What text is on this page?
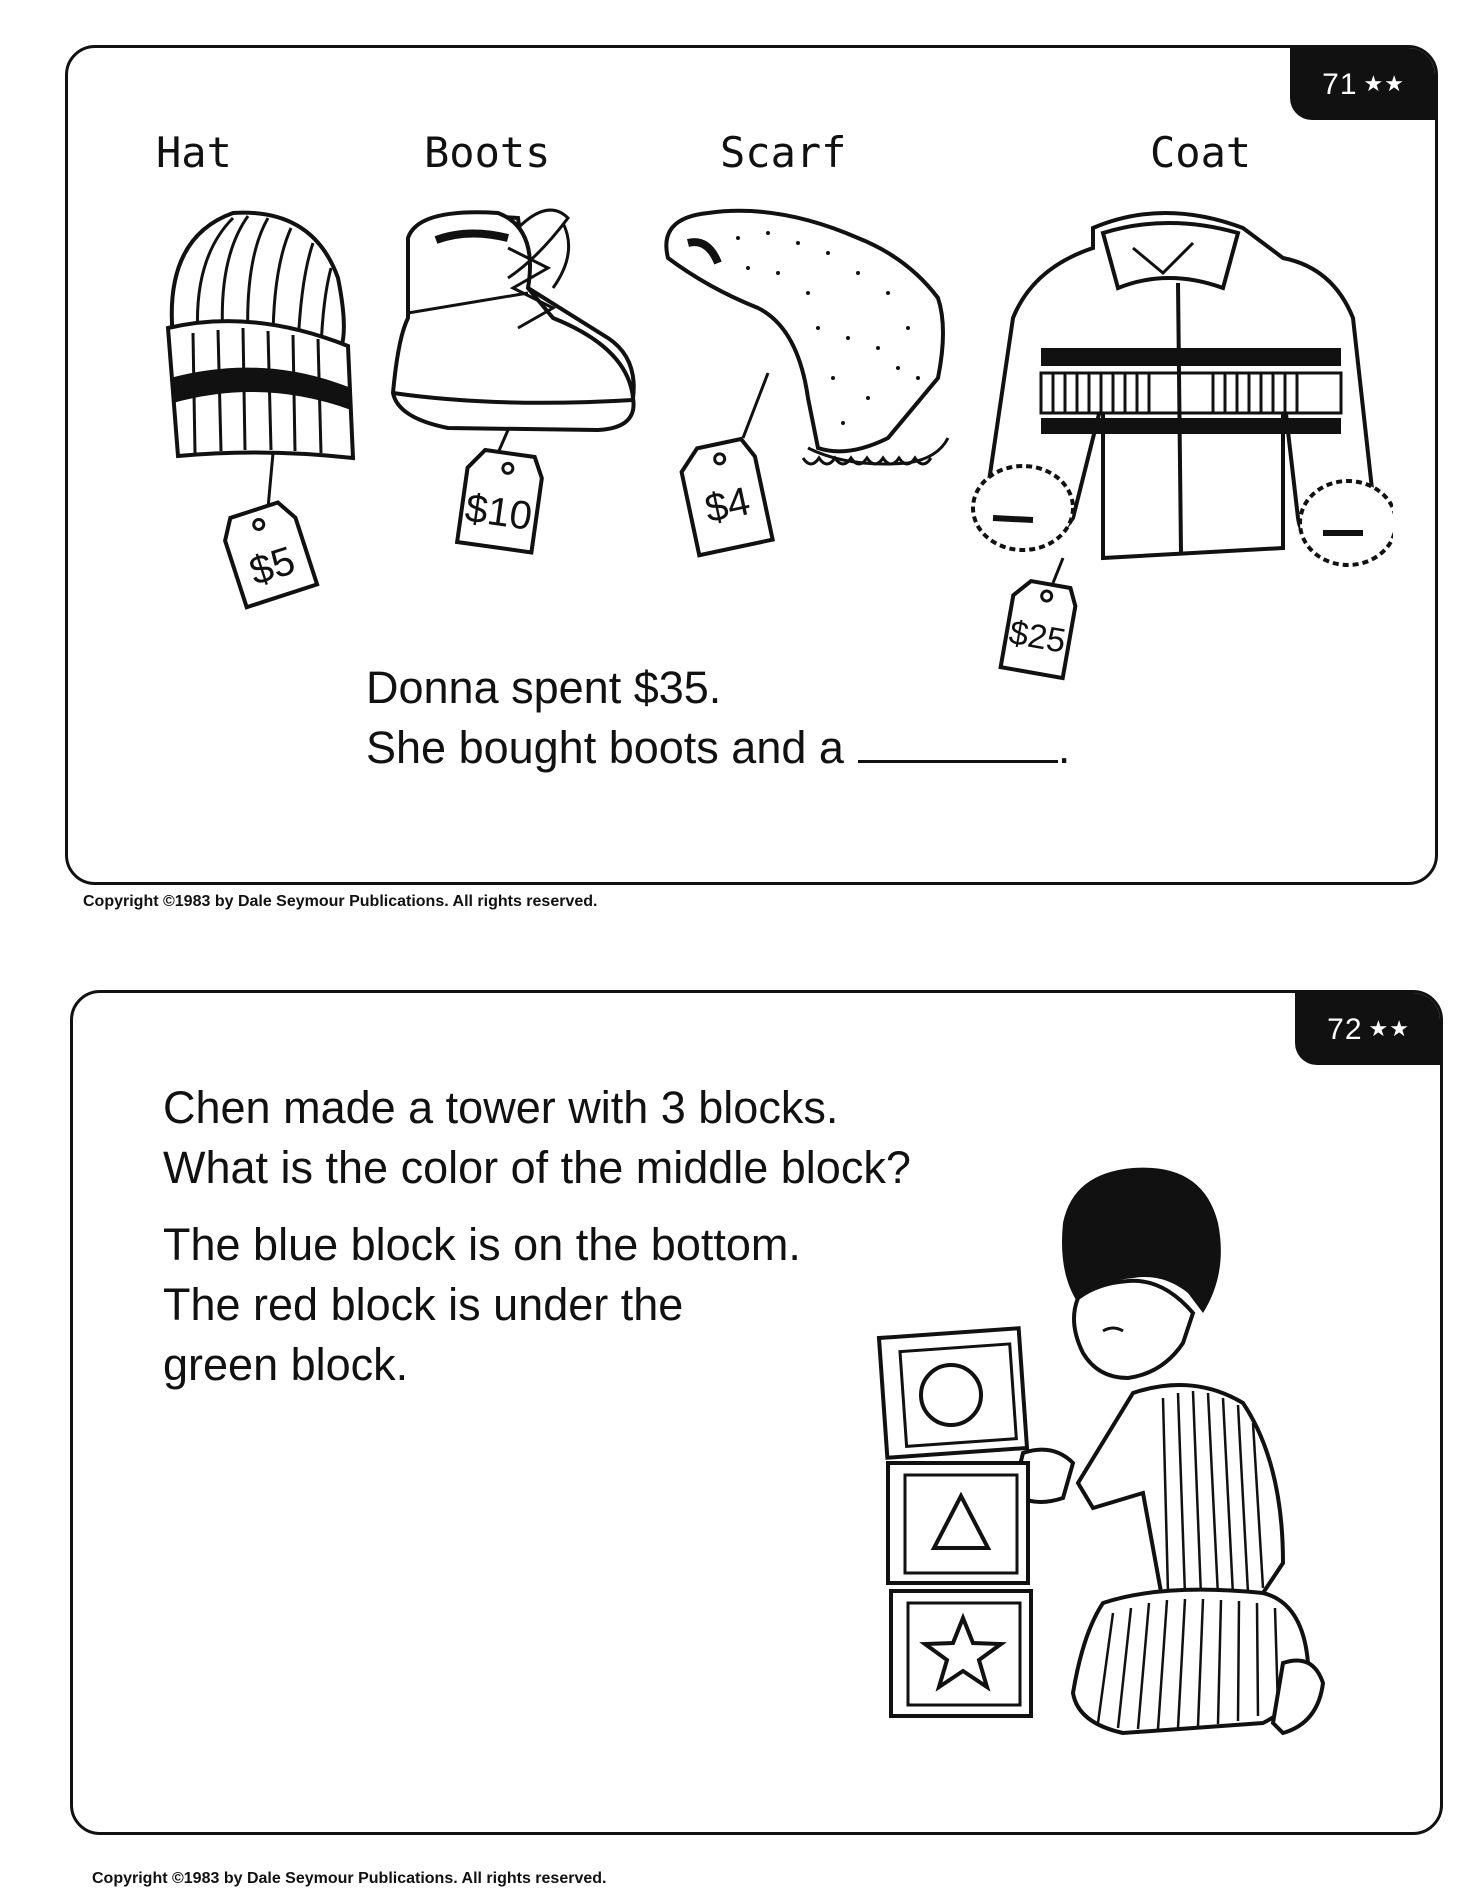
71 ★★
Hat	Boots	Scarf	Coat
$5
$10	$4
$25
Donna spent $35.
She bought boots and a	.
Copyright ©1983 by Dale Seymour Publications. All rights reserved.
72 ★★
Chen made a tower with 3 blocks.
What is the color of the middle block?
The blue block is on the bottom.
The red block is under the
green block.
Copyright ©1983 by Dale Seymour Publications. All rights reserved.
